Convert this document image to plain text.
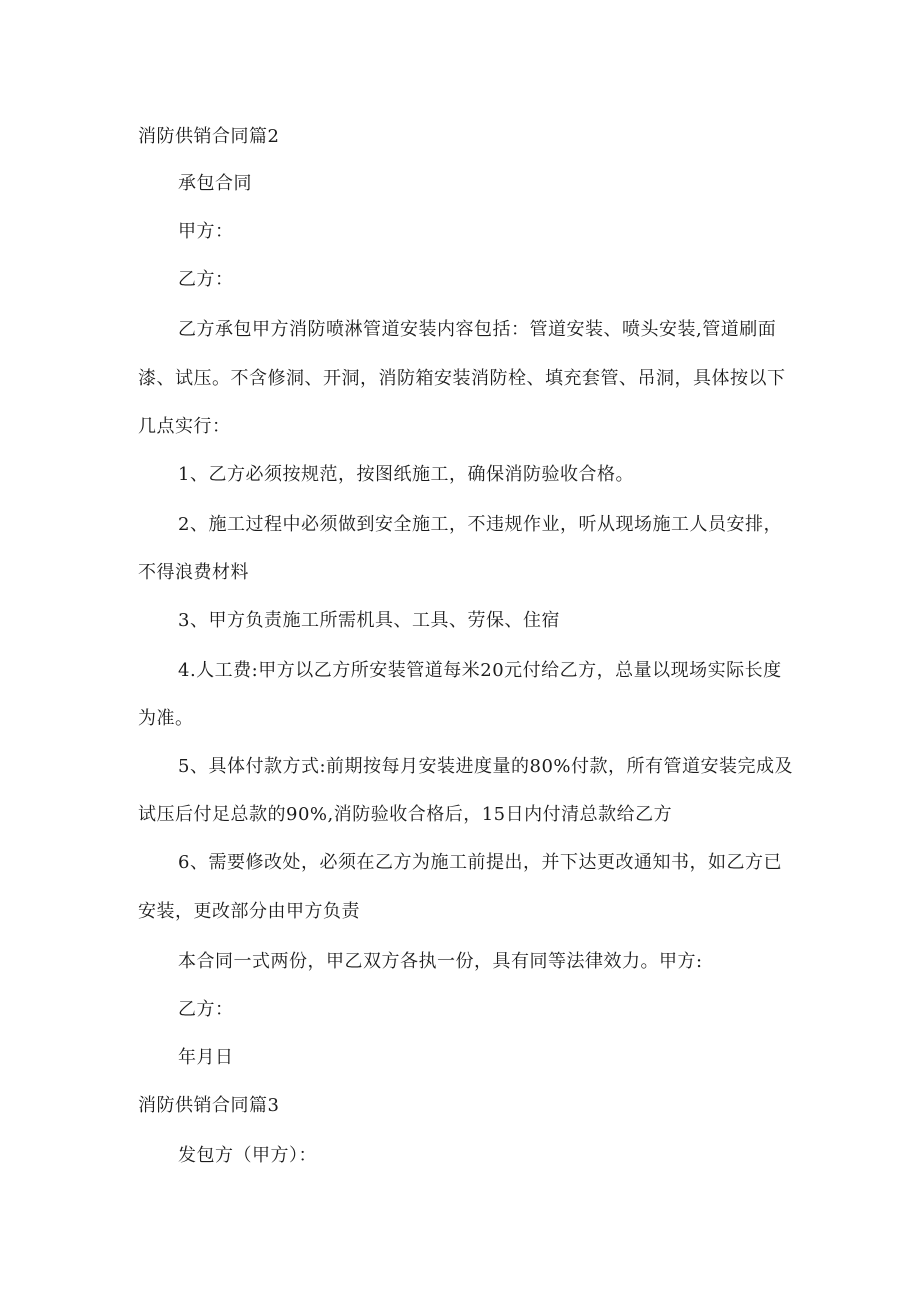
消防供销合同篇2
承包合同
甲方：
乙方：
乙方承包甲方消防喷淋管道安装内容包括：管道安装、喷头安装,管道刷面
漆、试压。不含修洞、开洞，消防箱安装消防栓、填充套管、吊洞，具体按以下
几点实行：
1、乙方必须按规范，按图纸施工，确保消防验收合格。
2、施工过程中必须做到安全施工，不违规作业，听从现场施工人员安排，
不得浪费材料
3、甲方负责施工所需机具、工具、劳保、住宿
4.人工费:甲方以乙方所安装管道每米20元付给乙方，总量以现场实际长度
为准。
5、具体付款方式:前期按每月安装进度量的80%付款，所有管道安装完成及
试压后付足总款的90%,消防验收合格后，15日内付清总款给乙方
6、需要修改处，必须在乙方为施工前提出，并下达更改通知书，如乙方已
安装，更改部分由甲方负责
本合同一式两份，甲乙双方各执一份，具有同等法律效力。甲方:
乙方：
年月日
消防供销合同篇3
发包方（甲方）：
